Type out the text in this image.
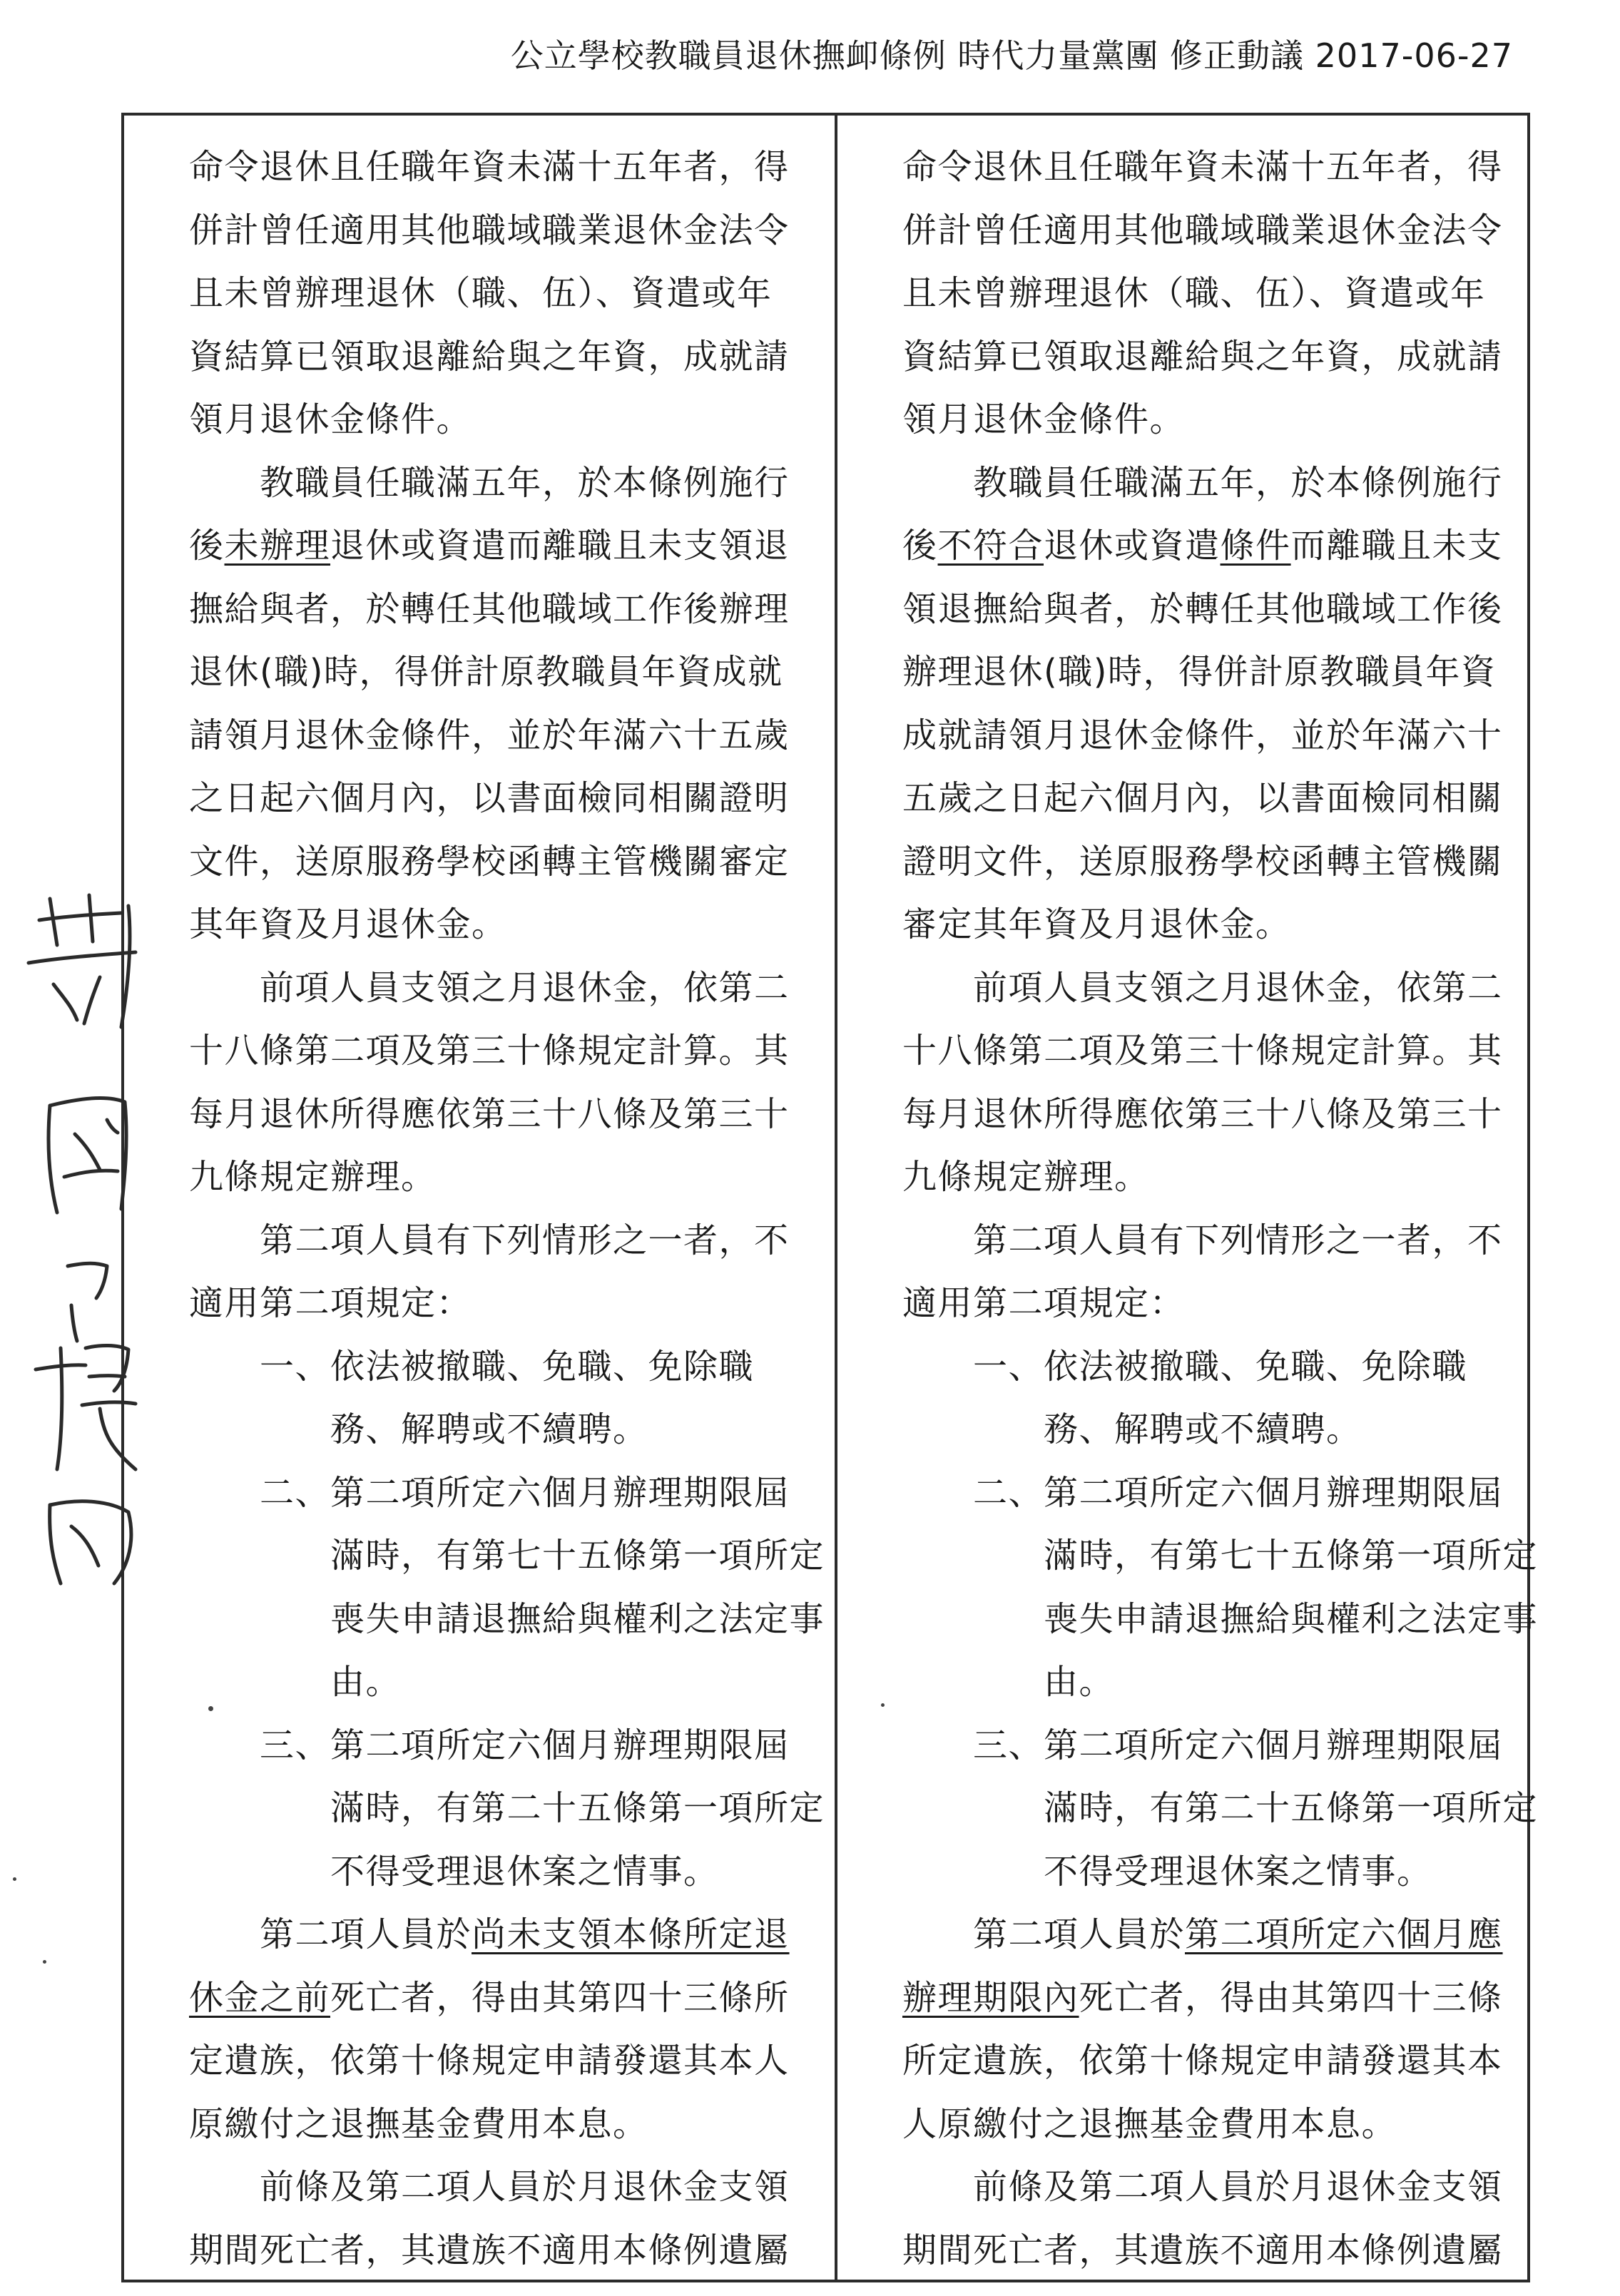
公立學校教職員退休撫卹條例 時代力量黨團 修正動議 2017-06-27

命令退休且任職年資未滿十五年者，得
併計曾任適用其他職域職業退休金法令
且未曾辦理退休（職、伍）、資遣或年
資結算已領取退離給與之年資，成就請
領月退休金條件。

　　教職員任職滿五年，於本條例施行
後未辦理退休或資遣而離職且未支領退
撫給與者，於轉任其他職域工作後辦理
退休(職)時，得併計原教職員年資成就
請領月退休金條件，並於年滿六十五歲
之日起六個月內，以書面檢同相關證明
文件，送原服務學校函轉主管機關審定
其年資及月退休金。

　　前項人員支領之月退休金，依第二
十八條第二項及第三十條規定計算。其
每月退休所得應依第三十八條及第三十
九條規定辦理。

　　第二項人員有下列情形之一者，不
適用第二項規定：

　　一、依法被撤職、免職、免除職
　　　　務、解聘或不續聘。

　　二、第二項所定六個月辦理期限屆
　　　　滿時，有第七十五條第一項所定
　　　　喪失申請退撫給與權利之法定事
　　　　由。

　　三、第二項所定六個月辦理期限屆
　　　　滿時，有第二十五條第一項所定
　　　　不得受理退休案之情事。

　　第二項人員於尚未支領本條所定退
休金之前死亡者，得由其第四十三條所
定遺族，依第十條規定申請發還其本人
原繳付之退撫基金費用本息。

　　前條及第二項人員於月退休金支領
期間死亡者，其遺族不適用本條例遺屬

命令退休且任職年資未滿十五年者，得
併計曾任適用其他職域職業退休金法令
且未曾辦理退休（職、伍）、資遣或年
資結算已領取退離給與之年資，成就請
領月退休金條件。

　　教職員任職滿五年，於本條例施行
後不符合退休或資遣條件而離職且未支
領退撫給與者，於轉任其他職域工作後
辦理退休(職)時，得併計原教職員年資
成就請領月退休金條件，並於年滿六十
五歲之日起六個月內，以書面檢同相關
證明文件，送原服務學校函轉主管機關
審定其年資及月退休金。

　　前項人員支領之月退休金，依第二
十八條第二項及第三十條規定計算。其
每月退休所得應依第三十八條及第三十
九條規定辦理。

　　第二項人員有下列情形之一者，不
適用第二項規定：

　　一、依法被撤職、免職、免除職
　　　　務、解聘或不續聘。

　　二、第二項所定六個月辦理期限屆
　　　　滿時，有第七十五條第一項所定
　　　　喪失申請退撫給與權利之法定事
　　　　由。

　　三、第二項所定六個月辦理期限屆
　　　　滿時，有第二十五條第一項所定
　　　　不得受理退休案之情事。

　　第二項人員於第二項所定六個月應
辦理期限內死亡者，得由其第四十三條
所定遺族，依第十條規定申請發還其本
人原繳付之退撫基金費用本息。

　　前條及第二項人員於月退休金支領
期間死亡者，其遺族不適用本條例遺屬
